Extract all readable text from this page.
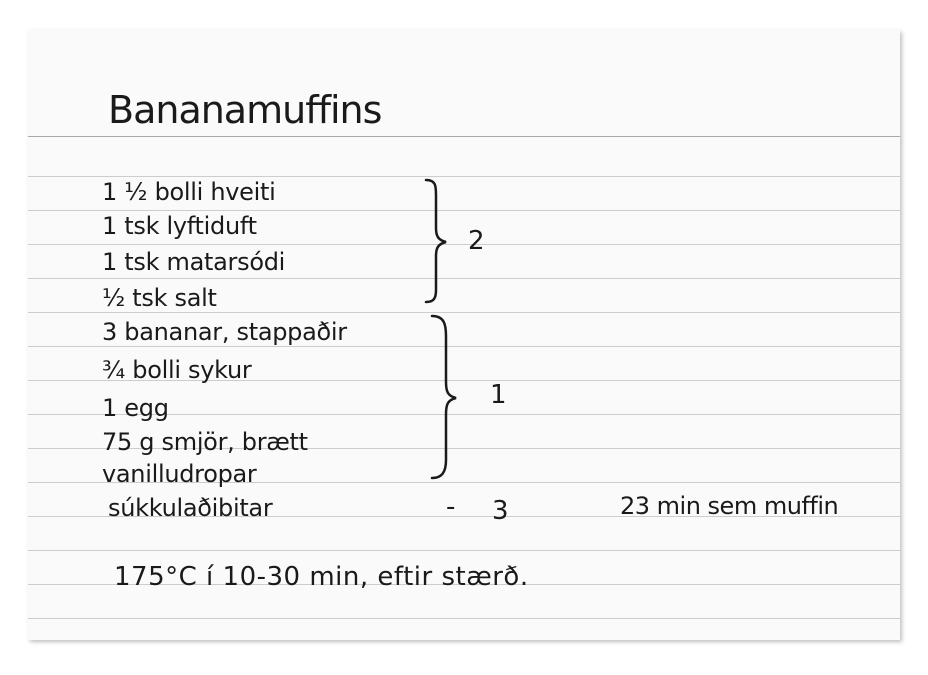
Bananamuffins
1 ½ bolli hveiti
1 tsk lyftiduft
1 tsk matarsódi
½ tsk salt
2
3 bananar, stappaðir
¾ bolli sykur
1 egg
75 g smjör, brætt
vanilludropar
1
súkkulaðibitar	- 3	23 min sem muffin
175°C í 10-30 min, eftir stærð.
